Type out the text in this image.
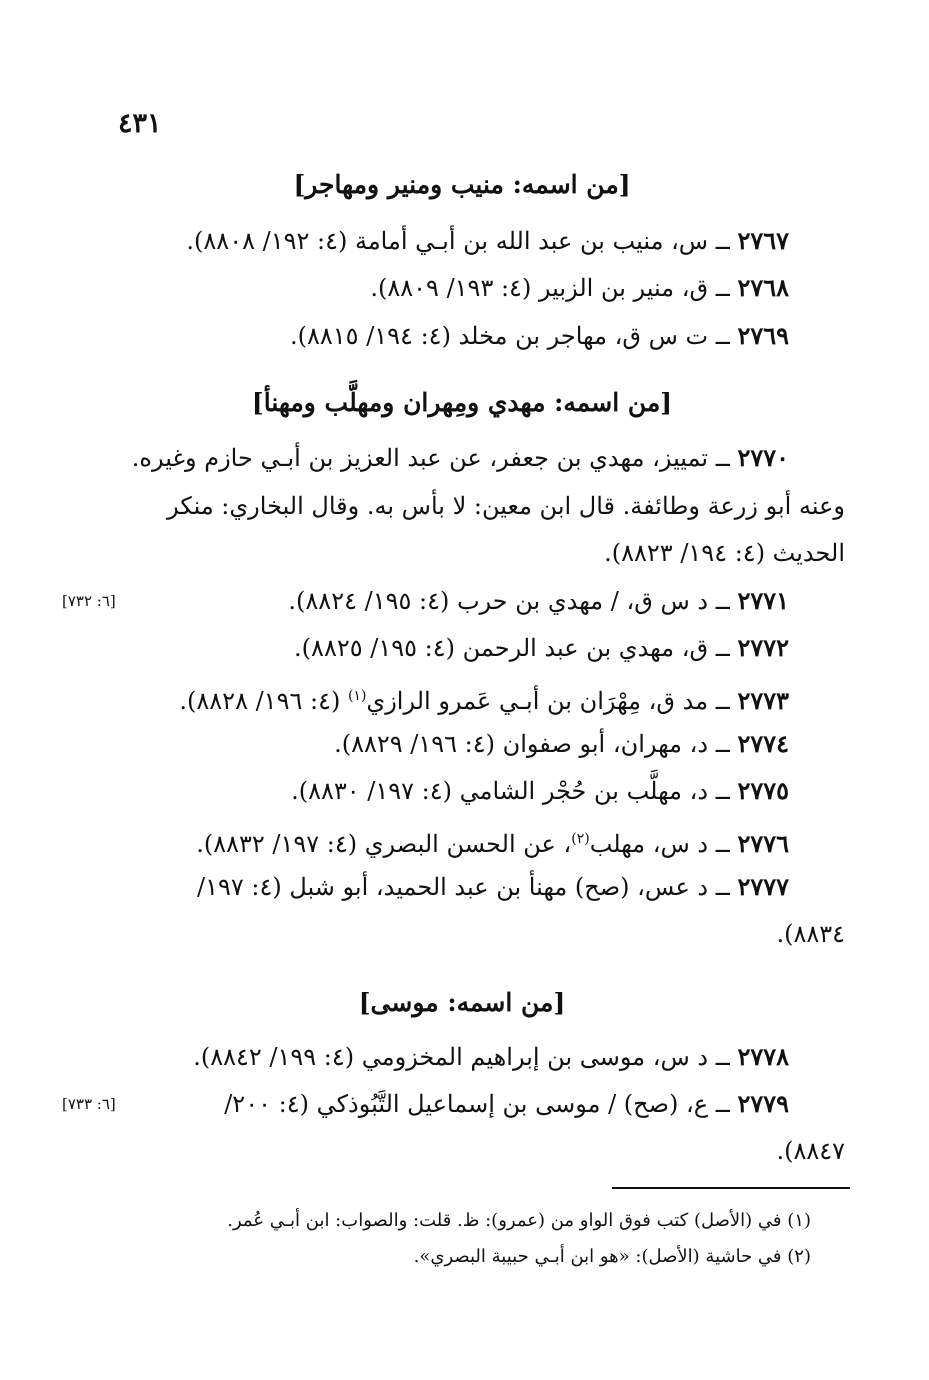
٤٣١
[من اسمه: منيب ومنير ومهاجر]
٢٧٦٧ ــ س، منيب بن عبد الله بن أبـي أمامة (٤: ١٩٢/ ٨٨٠٨).
٢٧٦٨ ــ ق، منير بن الزبير (٤: ١٩٣/ ٨٨٠٩).
٢٧٦٩ ــ ت س ق، مهاجر بن مخلد (٤: ١٩٤/ ٨٨١٥).
[من اسمه: مهدي ومِهران ومهلَّب ومهنأ]
٢٧٧٠ ــ تمييز، مهدي بن جعفر، عن عبد العزيز بن أبـي حازم وغيره.
وعنه أبو زرعة وطائفة. قال ابن معين: لا بأس به. وقال البخاري: منكر
الحديث (٤: ١٩٤/ ٨٨٢٣).
٢٧٧١ ــ د س ق، / مهدي بن حرب (٤: ١٩٥/ ٨٨٢٤).
[٦: ٧٣٢]
٢٧٧٢ ــ ق، مهدي بن عبد الرحمن (٤: ١٩٥/ ٨٨٢٥).
٢٧٧٣ ــ مد ق، مِهْرَان بن أبـي عَمرو الرازي$^{(١)}$ (٤: ١٩٦/ ٨٨٢٨).
٢٧٧٤ ــ د، مهران، أبو صفوان (٤: ١٩٦/ ٨٨٢٩).
٢٧٧٥ ــ د، مهلَّب بن حُجْر الشامي (٤: ١٩٧/ ٨٨٣٠).
٢٧٧٦ ــ د س، مهلب$^{(٢)}$، عن الحسن البصري (٤: ١٩٧/ ٨٨٣٢).
٢٧٧٧ ــ د عس، (صح) مهنأ بن عبد الحميد، أبو شبل (٤: ١٩٧/
٨٨٣٤).
[من اسمه: موسى]
٢٧٧٨ ــ د س، موسى بن إبراهيم المخزومي (٤: ١٩٩/ ٨٨٤٢).
٢٧٧٩ ــ ع، (صح) / موسى بن إسماعيل التَّبُوذكي (٤: ٢٠٠/
[٦: ٧٣٣]
٨٨٤٧).
(١) في (الأصل) كتب فوق الواو من (عمرو): ظ. قلت: والصواب: ابن أبـي عُمر.
(٢) في حاشية (الأصل): «هو ابن أبـي حبيبة البصري».
